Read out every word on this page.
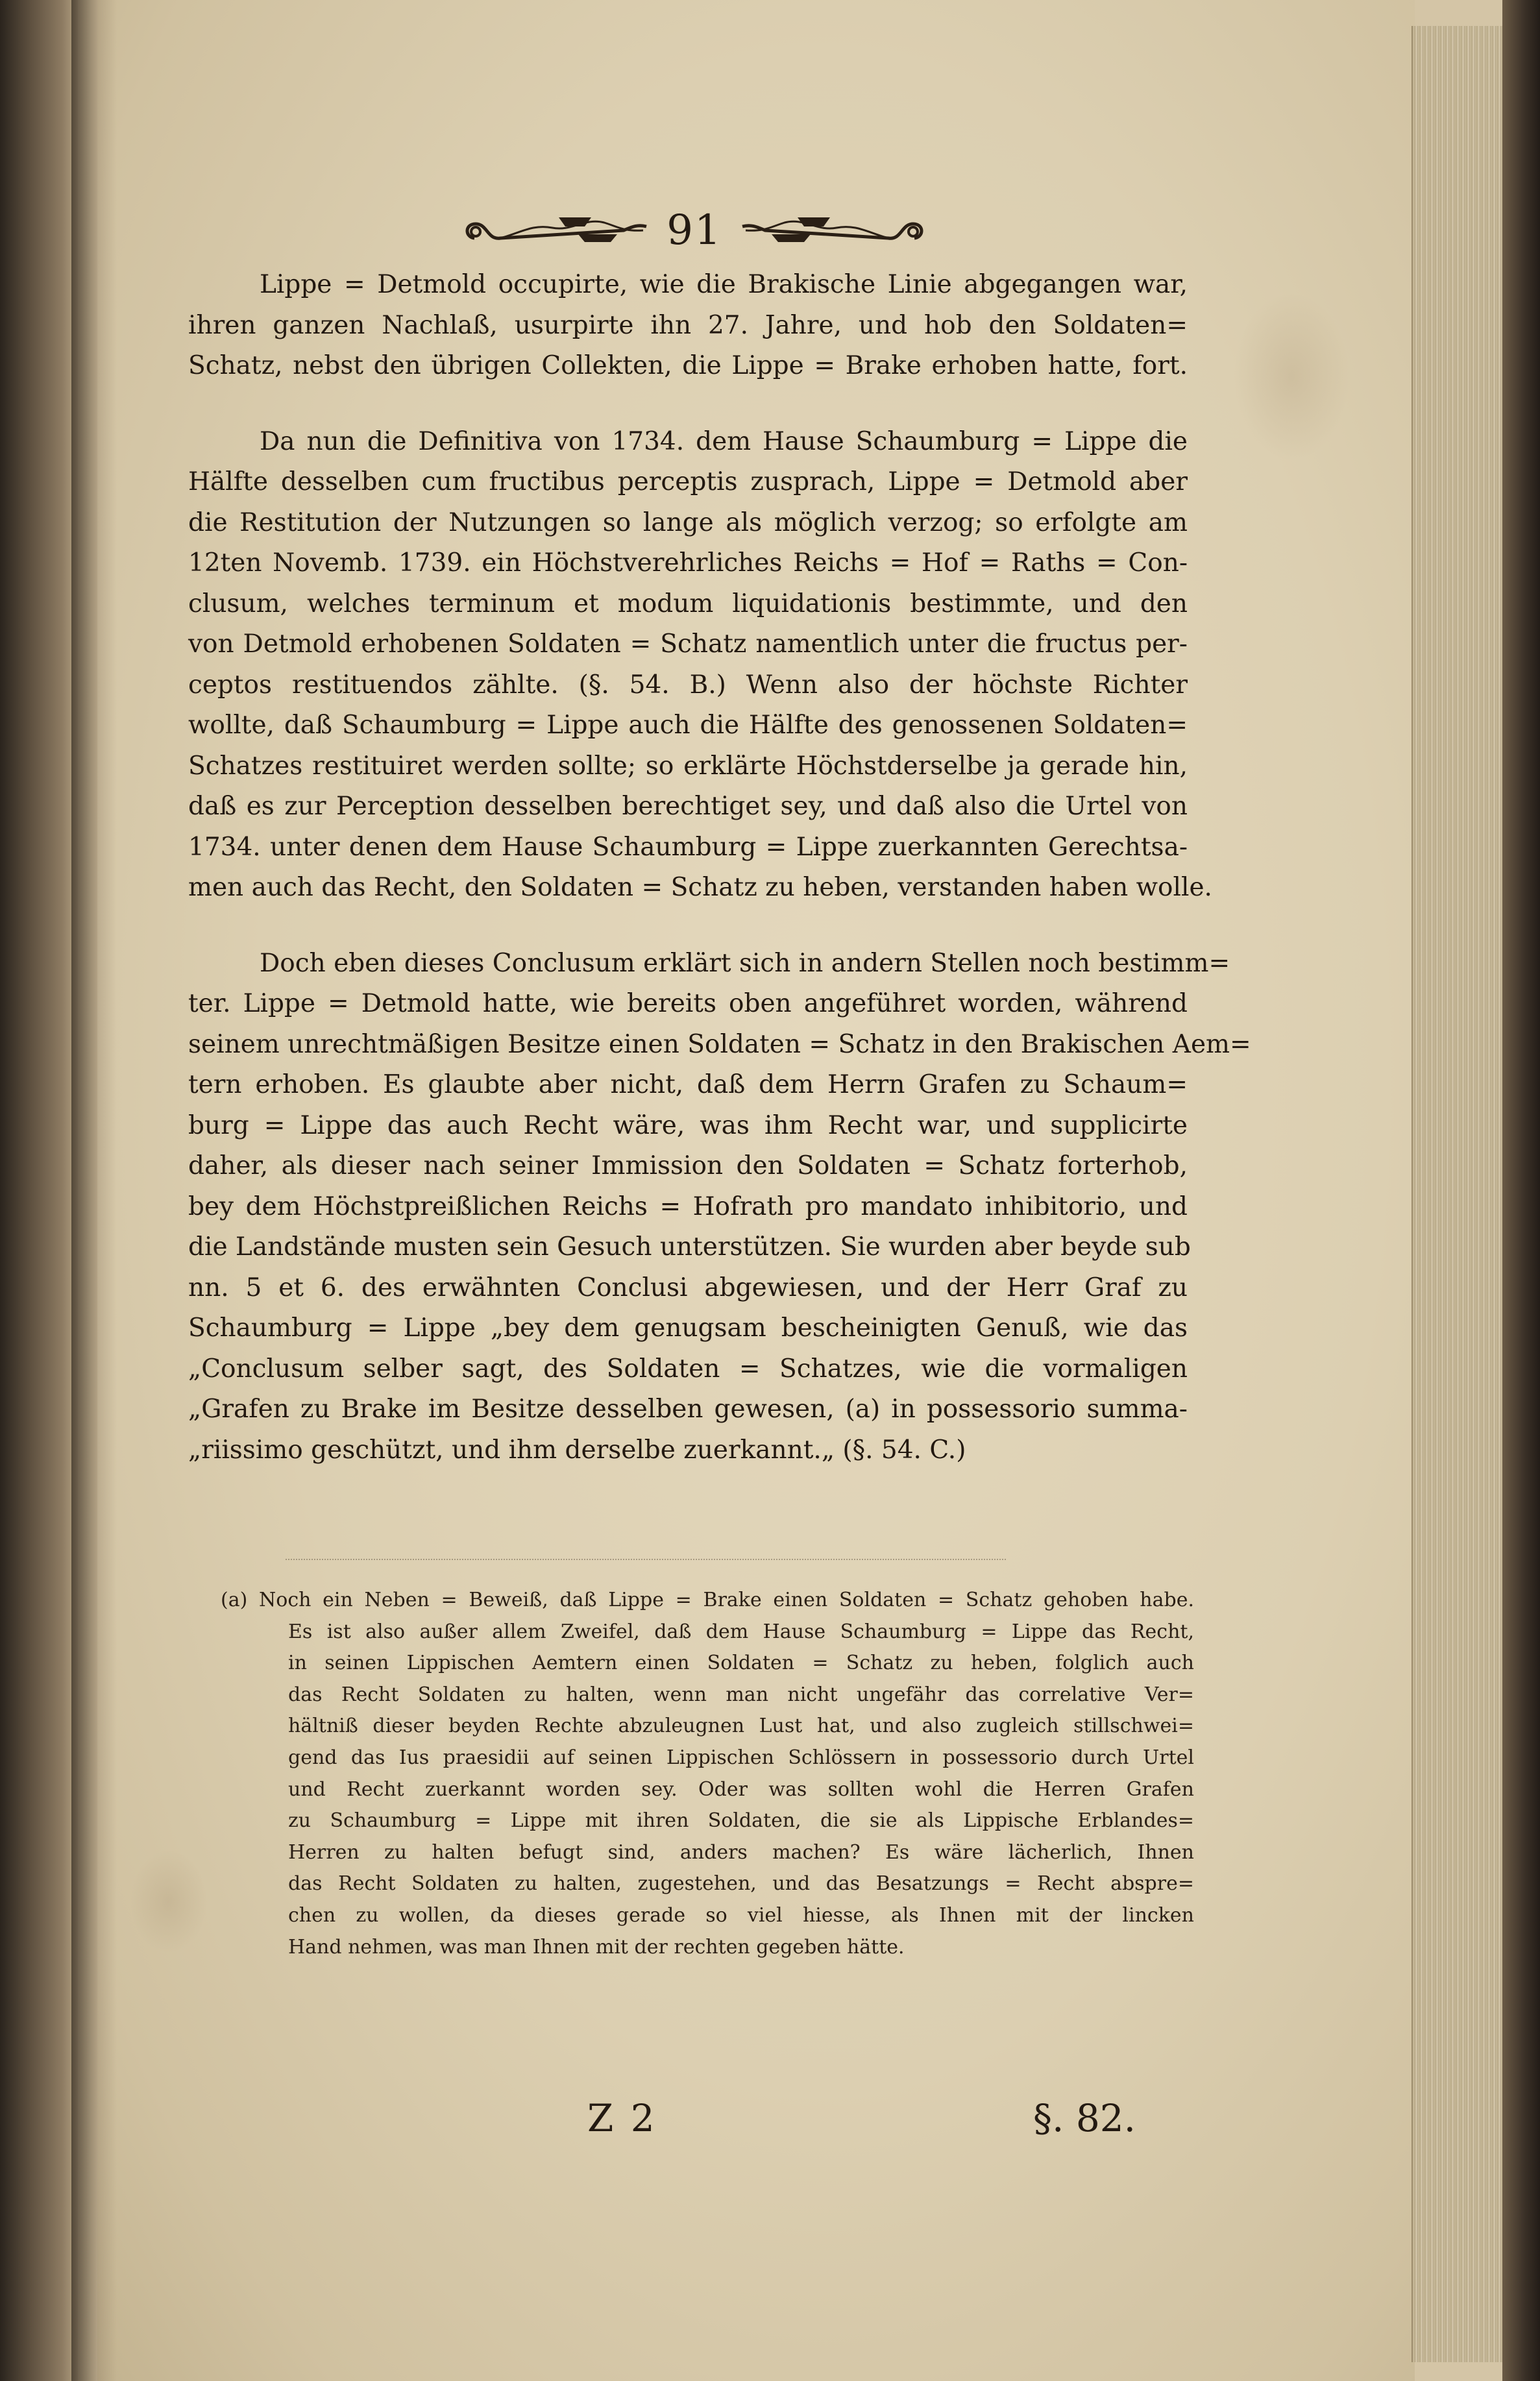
91

Lippe = Detmold occupirte, wie die Brakische Linie abgegangen war,
ihren ganzen Nachlaß, usurpirte ihn 27. Jahre, und hob den Soldaten=
Schatz, nebst den übrigen Collekten, die Lippe = Brake erhoben hatte, fort.

Da nun die Definitiva von 1734. dem Hause Schaumburg = Lippe die
Hälfte desselben cum fructibus perceptis zusprach, Lippe = Detmold aber
die Restitution der Nutzungen so lange als möglich verzog; so erfolgte am
12ten Novemb. 1739. ein Höchstverehrliches Reichs = Hof = Raths = Con-
clusum, welches terminum et modum liquidationis bestimmte, und den
von Detmold erhobenen Soldaten = Schatz namentlich unter die fructus per-
ceptos restituendos zählte. (§. 54. B.) Wenn also der höchste Richter
wollte, daß Schaumburg = Lippe auch die Hälfte des genossenen Soldaten=
Schatzes restituiret werden sollte; so erklärte Höchstderselbe ja gerade hin,
daß es zur Perception desselben berechtiget sey, und daß also die Urtel von
1734. unter denen dem Hause Schaumburg = Lippe zuerkannten Gerechtsa-
men auch das Recht, den Soldaten = Schatz zu heben, verstanden haben wolle.

Doch eben dieses Conclusum erklärt sich in andern Stellen noch bestimm=
ter. Lippe = Detmold hatte, wie bereits oben angeführet worden, während
seinem unrechtmäßigen Besitze einen Soldaten = Schatz in den Brakischen Aem=
tern erhoben. Es glaubte aber nicht, daß dem Herrn Grafen zu Schaum=
burg = Lippe das auch Recht wäre, was ihm Recht war, und supplicirte
daher, als dieser nach seiner Immission den Soldaten = Schatz forterhob,
bey dem Höchstpreißlichen Reichs = Hofrath pro mandato inhibitorio, und
die Landstände musten sein Gesuch unterstützen. Sie wurden aber beyde sub
nn. 5 et 6. des erwähnten Conclusi abgewiesen, und der Herr Graf zu
Schaumburg = Lippe „bey dem genugsam bescheinigten Genuß, wie das
„Conclusum selber sagt, des Soldaten = Schatzes, wie die vormaligen
„Grafen zu Brake im Besitze desselben gewesen, (a) in possessorio summa-
„riissimo geschützt, und ihm derselbe zuerkannt.„ (§. 54. C.)

(a) Noch ein Neben = Beweiß, daß Lippe = Brake einen Soldaten = Schatz gehoben habe.
Es ist also außer allem Zweifel, daß dem Hause Schaumburg = Lippe das Recht,
in seinen Lippischen Aemtern einen Soldaten = Schatz zu heben, folglich auch
das Recht Soldaten zu halten, wenn man nicht ungefähr das correlative Ver=
hältniß dieser beyden Rechte abzuleugnen Lust hat, und also zugleich stillschwei=
gend das Ius praesidii auf seinen Lippischen Schlössern in possessorio durch Urtel
und Recht zuerkannt worden sey. Oder was sollten wohl die Herren Grafen
zu Schaumburg = Lippe mit ihren Soldaten, die sie als Lippische Erblandes=
Herren zu halten befugt sind, anders machen? Es wäre lächerlich, Ihnen
das Recht Soldaten zu halten, zugestehen, und das Besatzungs = Recht absprе=
chen zu wollen, da dieses gerade so viel hiesse, als Ihnen mit der lincken
Hand nehmen, was man Ihnen mit der rechten gegeben hätte.
Z 2	§. 82.
